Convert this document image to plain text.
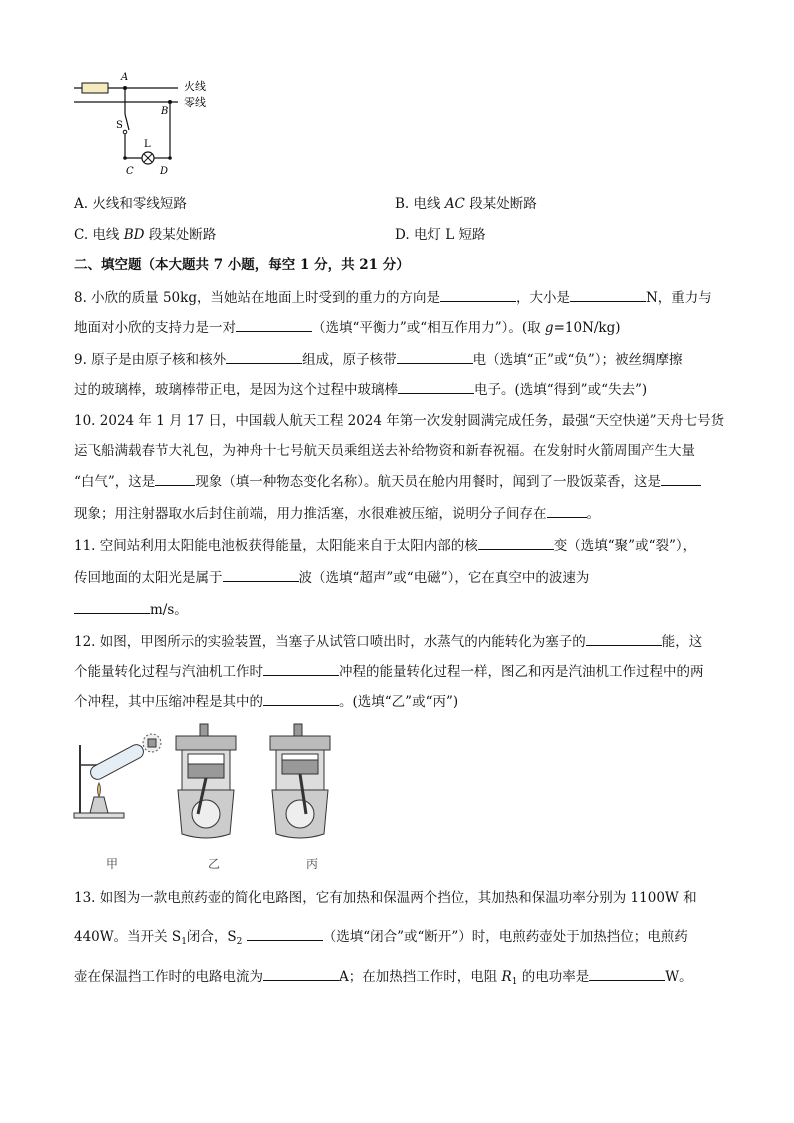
A
B
S
L
C	D
火线
零线
A. 火线和零线短路	B. 电线 AC 段某处断路
C. 电线 BD 段某处断路	D. 电灯 L 短路
二、填空题（本大题共 7 小题，每空 1 分，共 21 分）
8. 小欣的质量 50kg，当她站在地面上时受到的重力的方向是	，大小是	N，重力与
地面对小欣的支持力是一对	（选填“平衡力”或“相互作用力”）。(取 g=10N/kg)
9. 原子是由原子核和核外	组成，原子核带	电（选填“正”或“负”）；被丝绸摩擦
过的玻璃棒，玻璃棒带正电，是因为这个过程中玻璃棒	电子。(选填“得到”或“失去”)
10. 2024 年 1 月 17 日，中国载人航天工程 2024 年第一次发射圆满完成任务，最强“天空快递”天舟七号货
运飞船满载春节大礼包，为神舟十七号航天员乘组送去补给物资和新春祝福。在发射时火箭周围产生大量
“白气”，这是	现象（填一种物态变化名称）。航天员在舱内用餐时，闻到了一股饭菜香，这是
现象；用注射器取水后封住前端，用力推活塞，水很难被压缩，说明分子间存在	。
11. 空间站利用太阳能电池板获得能量，太阳能来自于太阳内部的核	变（选填“聚”或“裂”），
传回地面的太阳光是属于	波（选填“超声”或“电磁”），它在真空中的波速为
m/s。
12. 如图，甲图所示的实验装置，当塞子从试管口喷出时，水蒸气的内能转化为塞子的	能，这
个能量转化过程与汽油机工作时	冲程的能量转化过程一样，图乙和丙是汽油机工作过程中的两
个冲程，其中压缩冲程是其中的	。(选填“乙”或“丙”)
甲	乙	丙
13. 如图为一款电煎药壶的简化电路图，它有加热和保温两个挡位，其加热和保温功率分别为 1100W 和
440W。当开关 $S_1$闭合，$S_2$	（选填“闭合”或“断开”）时，电煎药壶处于加热挡位；电煎药
壶在保温挡工作时的电路电流为	A；在加热挡工作时，电阻 $R_1$ 的电功率是	W。
